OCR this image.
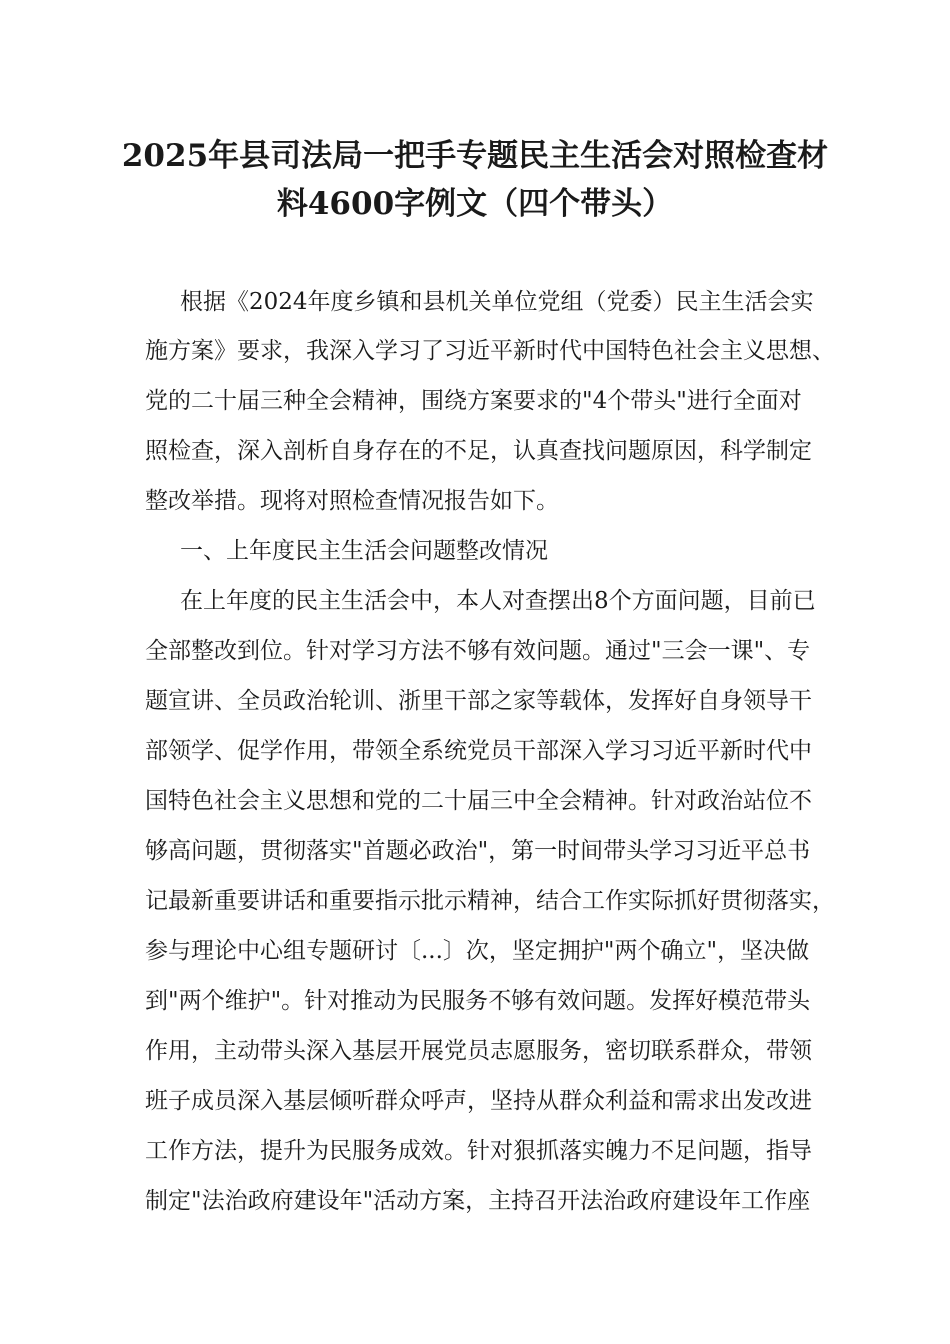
2025年县司法局一把手专题民主生活会对照检查材
料4600字例文（四个带头）
根据《2024年度乡镇和县机关单位党组（党委）民主生活会实
施方案》要求，我深入学习了习近平新时代中国特色社会主义思想、
党的二十届三种全会精神，围绕方案要求的"4个带头"进行全面对
照检查，深入剖析自身存在的不足，认真查找问题原因，科学制定
整改举措。现将对照检查情况报告如下。
一、上年度民主生活会问题整改情况
在上年度的民主生活会中，本人对查摆出8个方面问题，目前已
全部整改到位。针对学习方法不够有效问题。通过"三会一课"、专
题宣讲、全员政治轮训、浙里干部之家等载体，发挥好自身领导干
部领学、促学作用，带领全系统党员干部深入学习习近平新时代中
国特色社会主义思想和党的二十届三中全会精神。针对政治站位不
够高问题，贯彻落实"首题必政治"，第一时间带头学习习近平总书
记最新重要讲话和重要指示批示精神，结合工作实际抓好贯彻落实，
参与理论中心组专题研讨〔...〕次，坚定拥护"两个确立"，坚决做
到"两个维护"。针对推动为民服务不够有效问题。发挥好模范带头
作用，主动带头深入基层开展党员志愿服务，密切联系群众，带领
班子成员深入基层倾听群众呼声，坚持从群众利益和需求出发改进
工作方法，提升为民服务成效。针对狠抓落实魄力不足问题，指导
制定"法治政府建设年"活动方案，主持召开法治政府建设年工作座
